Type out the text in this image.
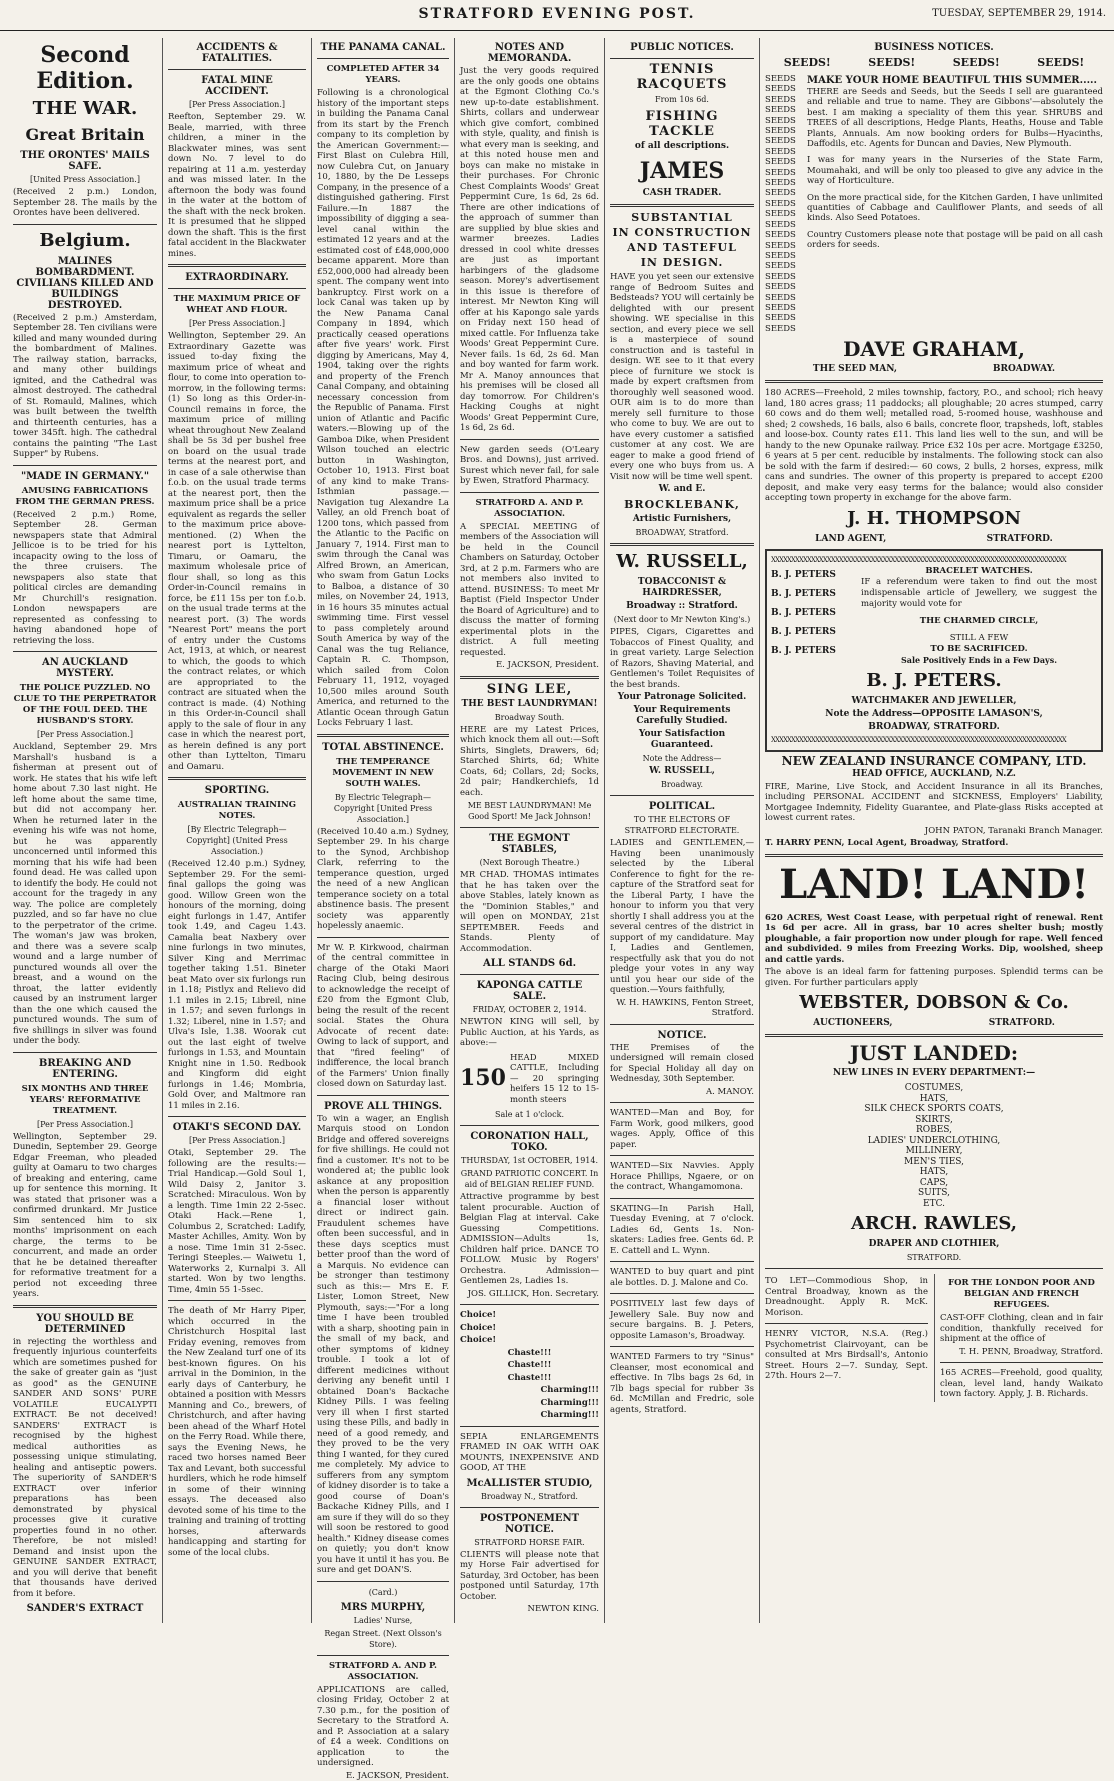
STRATFORD EVENING POST.	TUESDAY, SEPTEMBER 29, 1914.
Second Edition.
THE WAR.
Great Britain
THE ORONTES' MAILS SAFE.
[United Press Association.]
(Received 2 p.m.) London, September 28. The mails by the Orontes have been delivered.
Belgium.
MALINES BOMBARDMENT. CIVILIANS KILLED AND BUILDINGS DESTROYED.
(Received 2 p.m.) Amsterdam, September 28. Ten civilians were killed and many wounded during the bombardment of Malines. The railway station, barracks, and many other buildings ignited, and the Cathedral was almost destroyed. The cathedral of St. Romauld, Malines, which was built between the twelfth and thirteenth centuries, has a tower 345ft. high. The cathedral contains the painting "The Last Supper" by Rubens.
"MADE IN GERMANY."
AMUSING FABRICATIONS FROM THE GERMAN PRESS.
(Received 2 p.m.) Rome, September 28. German newspapers state that Admiral Jellicoe is to be tried for his incapacity owing to the loss of the three cruisers. The newspapers also state that political circles are demanding Mr Churchill's resignation. London newspapers are represented as confessing to having abandoned hope of retrieving the loss.
AN AUCKLAND MYSTERY.
THE POLICE PUZZLED. NO CLUE TO THE PERPETRATOR OF THE FOUL DEED. THE HUSBAND'S STORY.
[Per Press Association.]
Auckland, September 29. Mrs Marshall's husband is a fisherman at present out of work. He states that his wife left home about 7.30 last night. He left home about the same time, but did not accompany her. When he returned later in the evening his wife was not home, but he was apparently unconcerned until informed this morning that his wife had been found dead. He was called upon to identify the body. He could not account for the tragedy in any way. The police are completely puzzled, and so far have no clue to the perpetrator of the crime. The woman's jaw was broken, and there was a severe scalp wound and a large number of punctured wounds all over the breast, and a wound on the throat, the latter evidently caused by an instrument larger than the one which caused the punctured wounds. The sum of five shillings in silver was found under the body.
BREAKING AND ENTERING.
SIX MONTHS AND THREE YEARS' REFORMATIVE TREATMENT.
[Per Press Association.]
Wellington, September 29. Dunedin, September 29. George Edgar Freeman, who pleaded guilty at Oamaru to two charges of breaking and entering, came up for sentence this morning. It was stated that prisoner was a confirmed drunkard. Mr Justice Sim sentenced him to six months' imprisonment on each charge, the terms to be concurrent, and made an order that he be detained thereafter for reformative treatment for a period not exceeding three years.
YOU SHOULD BE DETERMINED
in rejecting the worthless and frequently injurious counterfeits which are sometimes pushed for the sake of greater gain as "just as good" as the GENUINE SANDER AND SONS' PURE VOLATILE EUCALYPTI EXTRACT. Be not deceived! SANDERS' EXTRACT is recognised by the highest medical authorities as possessing unique stimulating, healing and antiseptic powers. The superiority of SANDER'S EXTRACT over inferior preparations has been demonstrated by physical processes give it curative properties found in no other. Therefore, be not misled! Demand and insist upon the GENUINE SANDER EXTRACT, and you will derive that benefit that thousands have derived from it before.
SANDER'S EXTRACT
ACCIDENTS & FATALITIES.
FATAL MINE ACCIDENT.
[Per Press Association.]
Reefton, September 29. W. Beale, married, with three children, a miner in the Blackwater mines, was sent down No. 7 level to do repairing at 11 a.m. yesterday and was missed later. In the afternoon the body was found in the water at the bottom of the shaft with the neck broken. It is presumed that he slipped down the shaft. This is the first fatal accident in the Blackwater mines.
EXTRAORDINARY.
THE MAXIMUM PRICE OF WHEAT AND FLOUR.
[Per Press Association.]
Wellington, September 29. An Extraordinary Gazette was issued to-day fixing the maximum price of wheat and flour, to come into operation to-morrow, in the following terms: (1) So long as this Order-in-Council remains in force, the maximum price of milling wheat throughout New Zealand shall be 5s 3d per bushel free on board on the usual trade terms at the nearest port, and in case of a sale otherwise than f.o.b. on the usual trade terms at the nearest port, then the maximum price shall be a price equivalent as regards the seller to the maximum price above-mentioned. (2) When the nearest port is Lyttelton, Timaru, or Oamaru, the maximum wholesale price of flour shall, so long as this Order-in-Council remains in force, be £11 15s per ton f.o.b. on the usual trade terms at the nearest port. (3) The words "Nearest Port" means the port of entry under the Customs Act, 1913, at which, or nearest to which, the goods to which the contract relates, or which are appropriated to the contract are situated when the contract is made. (4) Nothing in this Order-in-Council shall apply to the sale of flour in any case in which the nearest port, as herein defined is any port other than Lyttelton, Timaru and Oamaru.
SPORTING.
AUSTRALIAN TRAINING NOTES.
[By Electric Telegraph—Copyright] (United Press Association.)
(Received 12.40 p.m.) Sydney, September 29. For the semi-final gallops the going was good. Willow Green won the honours of the morning, doing eight furlongs in 1.47, Antifer took 1.49, and Cageu 1.43. Camalia beat Naxbery over nine furlongs in two minutes, Silver King and Merrimac together taking 1.51. Bineter beat Mato over six furlongs run in 1.18; Pistlyx and Relievo did 1.1 miles in 2.15; Libreil, nine in 1.57; and seven furlongs in 1.32; Liberel, nine in 1.57; and Ulva's Isle, 1.38. Woorak cut out the last eight of twelve furlongs in 1.53, and Mountain Knight nine in 1.50. Redbook and Kingform did eight furlongs in 1.46; Mombria, Gold Over, and Maltmore ran 11 miles in 2.16.
OTAKI'S SECOND DAY.
[Per Press Association.]
Otaki, September 29. The following are the results:— Trial Handicap.—Gold Soul 1, Wild Daisy 2, Janitor 3. Scratched: Miraculous. Won by a length. Time 1min 22 2-5sec. Otaki Hack.—Rene 1, Columbus 2, Scratched: Ladify, Master Achilles, Amity. Won by a nose. Time 1min 31 2-5sec. Teringi Steeples.— Waiwetu 1, Waterworks 2, Kurnalpi 3. All started. Won by two lengths. Time, 4min 55 1-5sec.
The death of Mr Harry Piper, which occurred in the Christchurch Hospital last Friday evening, removes from the New Zealand turf one of its best-known figures. On his arrival in the Dominion, in the early days of Canterbury, he obtained a position with Messrs Manning and Co., brewers, of Christchurch, and after having been ahead of the Wharf Hotel on the Ferry Road. While there, says the Evening News, he raced two horses named Beer Tax and Levant, both successful hurdlers, which he rode himself in some of their winning essays. The deceased also devoted some of his time to the training and training of trotting horses, afterwards handicapping and starting for some of the local clubs.
THE PANAMA CANAL.
COMPLETED AFTER 34 YEARS.
Following is a chronological history of the important steps in building the Panama Canal from its start by the French company to its completion by the American Government:— First Blast on Culebra Hill, now Culebra Cut, on January 10, 1880, by the De Lesseps Company, in the presence of a distinguished gathering. First Failure.—In 1887 the impossibility of digging a sea-level canal within the estimated 12 years and at the estimated cost of £48,000,000 became apparent. More than £52,000,000 had already been spent. The company went into bankruptcy. First work on a lock Canal was taken up by the New Panama Canal Company in 1894, which practically ceased operations after five years' work. First digging by Americans, May 4, 1904, taking over the rights and property of the French Canal Company, and obtaining necessary concession from the Republic of Panama. First union of Atlantic and Pacific waters.—Blowing up of the Gamboa Dike, when President Wilson touched an electric button in Washington, October 10, 1913. First boat of any kind to make Trans-Isthmian passage.—Navigation tug Alexandre La Valley, an old French boat of 1200 tons, which passed from the Atlantic to the Pacific on January 7, 1914. First man to swim through the Canal was Alfred Brown, an American, who swam from Gatun Locks to Balboa, a distance of 30 miles, on November 24, 1913, in 16 hours 35 minutes actual swimming time. First vessel to pass completely around South America by way of the Canal was the tug Reliance, Captain R. C. Thompson, which sailed from Colon February 11, 1912, voyaged 10,500 miles around South America, and returned to the Atlantic Ocean through Gatun Locks February 1 last.
TOTAL ABSTINENCE.
THE TEMPERANCE MOVEMENT IN NEW SOUTH WALES.
By Electric Telegraph—Copyright [United Press Association.]
(Received 10.40 a.m.) Sydney, September 29. In his charge to the Synod, Archbishop Clark, referring to the temperance question, urged the need of a new Anglican temperance society on a total abstinence basis. The present society was apparently hopelessly anaemic.
Mr W. P. Kirkwood, chairman of the central committee in charge of the Otaki Maori Racing Club, being desirous to acknowledge the receipt of £20 from the Egmont Club, being the result of the recent social. States the Ohura Advocate of recent date: Owing to lack of support, and that "fired feeling" of indifference, the local branch of the Farmers' Union finally closed down on Saturday last.
PROVE ALL THINGS.
To win a wager, an English Marquis stood on London Bridge and offered sovereigns for five shillings. He could not find a customer. It's not to be wondered at; the public look askance at any proposition when the person is apparently a financial loser without direct or indirect gain. Fraudulent schemes have often been successful, and in these days sceptics must better proof than the word of a Marquis. No evidence can be stronger than testimony such as this:— Mrs E. F. Lister, Lomon Street, New Plymouth, says:—"For a long time I have been troubled with a sharp, shooting pain in the small of my back, and other symptoms of kidney trouble. I took a lot of different medicines without deriving any benefit until I obtained Doan's Backache Kidney Pills. I was feeling very ill when I first started using these Pills, and badly in need of a good remedy, and they proved to be the very thing I wanted, for they cured me completely. My advice to sufferers from any symptom of kidney disorder is to take a good course of Doan's Backache Kidney Pills, and I am sure if they will do so they will soon be restored to good health." Kidney disease comes on quietly; you don't know you have it until it has you. Be sure and get DOAN'S.
(Card.)
MRS MURPHY,
Ladies' Nurse,
Regan Street. (Next Olsson's Store).
STRATFORD A. AND P. ASSOCIATION.
APPLICATIONS are called, closing Friday, October 2 at 7.30 p.m., for the position of Secretary to the Stratford A. and P. Association at a salary of £4 a week. Conditions on application to the undersigned.
E. JACKSON, President.
NOTES AND MEMORANDA.
Just the very goods required are the only goods one obtains at the Egmont Clothing Co.'s new up-to-date establishment. Shirts, collars and underwear which give comfort, combined with style, quality, and finish is what every man is seeking, and at this noted house men and boys can make no mistake in their purchases. For Chronic Chest Complaints Woods' Great Peppermint Cure, 1s 6d, 2s 6d. There are other indications of the approach of summer than are supplied by blue skies and warmer breezes. Ladies dressed in cool white dresses are just as important harbingers of the gladsome season. Morey's advertisement in this issue is therefore of interest. Mr Newton King will offer at his Kapongo sale yards on Friday next 150 head of mixed cattle. For Influenza take Woods' Great Peppermint Cure. Never fails. 1s 6d, 2s 6d. Man and boy wanted for farm work. Mr A. Manoy announces that his premises will be closed all day tomorrow. For Children's Hacking Coughs at night Woods' Great Peppermint Cure, 1s 6d, 2s 6d.
New garden seeds (O'Leary Bros. and Downs), just arrived. Surest which never fail, for sale by Ewen, Stratford Pharmacy.
STRATFORD A. AND P. ASSOCIATION.
A SPECIAL MEETING of members of the Association will be held in the Council Chambers on Saturday, October 3rd, at 2 p.m. Farmers who are not members also invited to attend. BUSINESS: To meet Mr Baptist (Field Inspector Under the Board of Agriculture) and to discuss the matter of forming experimental plots in the district. A full meeting requested.
E. JACKSON, President.
SING LEE,
THE BEST LAUNDRYMAN!
Broadway South.
HERE are my Latest Prices, which knock them all out:—Soft Shirts, Singlets, Drawers, 6d; Starched Shirts, 6d; White Coats, 6d; Collars, 2d; Socks, 2d pair; Handkerchiefs, 1d each.
ME BEST LAUNDRYMAN! Me Good Sport! Me Jack Johnson!
THE EGMONT STABLES,
(Next Borough Theatre.)
MR CHAD. THOMAS intimates that he has taken over the above Stables, lately known as the "Dominion Stables," and will open on MONDAY, 21st SEPTEMBER. Feeds and Stands. Plenty of Accommodation.
ALL STANDS 6d.
KAPONGA CATTLE SALE.
FRIDAY, OCTOBER 2, 1914.
NEWTON KING will sell, by Public Auction, at his Yards, as above:—
150
HEAD MIXED CATTLE, Including— 20 springing heifers 15 12 to 15-month steers
Sale at 1 o'clock.
CORONATION HALL, TOKO.
THURSDAY, 1st OCTOBER, 1914.
GRAND PATRIOTIC CONCERT. In aid of BELGIAN RELIEF FUND.
Attractive programme by best talent procurable. Auction of Belgian Flag at interval. Cake Guessing Competitions. ADMISSION—Adults 1s, Children half price. DANCE TO FOLLOW. Music by Rogers' Orchestra. Admission—Gentlemen 2s, Ladies 1s.
JOS. GILLICK, Hon. Secretary.
Choice!
Choice!
Choice!
Chaste!!!
Chaste!!!
Chaste!!!
Charming!!!
Charming!!!
Charming!!!
SEPIA ENLARGEMENTS FRAMED IN OAK WITH OAK MOUNTS, INEXPENSIVE AND GOOD, AT THE
McALLISTER STUDIO,
Broadway N., Stratford.
POSTPONEMENT NOTICE.
STRATFORD HORSE FAIR.
CLIENTS will please note that my Horse Fair advertised for Saturday, 3rd October, has been postponed until Saturday, 17th October.
NEWTON KING.
PUBLIC NOTICES.
TENNIS
RACQUETS
From 10s 6d.
FISHING
TACKLE
of all descriptions.
JAMES
CASH TRADER.
SUBSTANTIAL
IN CONSTRUCTION
AND TASTEFUL
IN DESIGN.
HAVE you yet seen our extensive range of Bedroom Suites and Bedsteads? YOU will certainly be delighted with our present showing. WE specialise in this section, and every piece we sell is a masterpiece of sound construction and is tasteful in design. WE see to it that every piece of furniture we stock is made by expert craftsmen from thoroughly well seasoned wood. OUR aim is to do more than merely sell furniture to those who come to buy. We are out to have every customer a satisfied customer at any cost. We are eager to make a good friend of every one who buys from us. A Visit now will be time well spent.
W. and E.
BROCKLEBANK,
Artistic Furnishers,
BROADWAY, Stratford.
W. RUSSELL,
TOBACCONIST & HAIRDRESSER,
Broadway :: Stratford.
(Next door to Mr Newton King's.)
PIPES, Cigars, Cigarettes and Tobaccos of Finest Quality, and in great variety. Large Selection of Razors, Shaving Material, and Gentlemen's Toilet Requisites of the best brands.
Your Patronage Solicited.
Your Requirements Carefully Studied.
Your Satisfaction Guaranteed.
Note the Address—
W. RUSSELL,
Broadway.
POLITICAL.
TO THE ELECTORS OF STRATFORD ELECTORATE.
LADIES and GENTLEMEN,—Having been unanimously selected by the Liberal Conference to fight for the re-capture of the Stratford seat for the Liberal Party, I have the honour to inform you that very shortly I shall address you at the several centres of the district in support of my candidature. May I, Ladies and Gentlemen, respectfully ask that you do not pledge your votes in any way until you hear our side of the question.—Yours faithfully,
W. H. HAWKINS, Fenton Street, Stratford.
NOTICE.
THE Premises of the undersigned will remain closed for Special Holiday all day on Wednesday, 30th September.
A. MANOY.
WANTED—Man and Boy, for Farm Work, good milkers, good wages. Apply, Office of this paper.
WANTED—Six Navvies. Apply Horace Phillips, Ngaere, or on the contract, Whangamomona.
SKATING—In Parish Hall, Tuesday Evening, at 7 o'clock. Ladies 6d, Gents 1s. Non-skaters: Ladies free. Gents 6d. P. E. Cattell and L. Wynn.
WANTED to buy quart and pint ale bottles. D. J. Malone and Co.
POSITIVELY last few days of Jewellery Sale. Buy now and secure bargains. B. J. Peters, opposite Lamason's, Broadway.
WANTED Farmers to try "Sinus" Cleanser, most economical and effective. In 7lbs bags 2s 6d, in 7lb bags special for rubber 3s 6d. McMillan and Fredric, sole agents, Stratford.
BUSINESS NOTICES.
SEEDS!	SEEDS!	SEEDS!	SEEDS!
SEEDS
SEEDS
SEEDS
SEEDS
SEEDS
SEEDS
SEEDS
SEEDS
SEEDS
SEEDS
SEEDS
SEEDS
SEEDS
SEEDS
SEEDS
SEEDS
SEEDS
SEEDS
SEEDS
SEEDS
SEEDS
SEEDS
SEEDS
SEEDS
SEEDS
MAKE YOUR HOME BEAUTIFUL THIS SUMMER.....
THERE are Seeds and Seeds, but the Seeds I sell are guaranteed and reliable and true to name. They are Gibbons'—absolutely the best. I am making a speciality of them this year. SHRUBS and TREES of all descriptions, Hedge Plants, Heaths, House and Table Plants, Annuals. Am now booking orders for Bulbs—Hyacinths, Daffodils, etc. Agents for Duncan and Davies, New Plymouth.
I was for many years in the Nurseries of the State Farm, Moumahaki, and will be only too pleased to give any advice in the way of Horticulture.
On the more practical side, for the Kitchen Garden, I have unlimited quantities of Cabbage and Cauliflower Plants, and seeds of all kinds. Also Seed Potatoes.
Country Customers please note that postage will be paid on all cash orders for seeds.
DAVE GRAHAM,
THE SEED MAN,	BROADWAY.
180 ACRES—Freehold, 2 miles township, factory, P.O., and school; rich heavy land, 180 acres grass; 11 paddocks; all ploughable; 20 acres stumped, carry 60 cows and do them well; metalled road, 5-roomed house, washhouse and shed; 2 cowsheds, 16 bails, also 6 bails, concrete floor, trapsheds, loft, stables and loose-box. County rates £11. This land lies well to the sun, and will be handy to the new Opunake railway. Price £32 10s per acre. Mortgage £3250, 6 years at 5 per cent. reducible by instalments. The following stock can also be sold with the farm if desired:— 60 cows, 2 bulls, 2 horses, express, milk cans and sundries. The owner of this property is prepared to accept £200 deposit, and make very easy terms for the balance; would also consider accepting town property in exchange for the above farm.
J. H. THOMPSON
LAND AGENT,	STRATFORD.
XXXXXXXXXXXXXXXXXXXXXXXXXXXXXXXXXXXXXXXXXXXXXXXXXXXXXXXXXXXXXXXXXXXXXXXXXX
B. J. PETERS
B. J. PETERS
B. J. PETERS
B. J. PETERS
B. J. PETERS
BRACELET WATCHES.
IF a referendum were taken to find out the most indispensable article of Jewellery, we suggest the majority would vote for
THE CHARMED CIRCLE,
STILL A FEW
TO BE SACRIFICED.
Sale Positively Ends in a Few Days.
B. J. PETERS.
WATCHMAKER AND JEWELLER,
Note the Address—OPPOSITE LAMASON'S,
BROADWAY, STRATFORD.
XXXXXXXXXXXXXXXXXXXXXXXXXXXXXXXXXXXXXXXXXXXXXXXXXXXXXXXXXXXXXXXXXXXXXXXXXX
NEW ZEALAND INSURANCE COMPANY, LTD.
HEAD OFFICE, AUCKLAND, N.Z.
FIRE, Marine, Live Stock, and Accident Insurance in all its Branches, including PERSONAL ACCIDENT and SICKNESS, Employers' Liability, Mortgagee Indemnity, Fidelity Guarantee, and Plate-glass Risks accepted at lowest current rates.
JOHN PATON, Taranaki Branch Manager.
T. HARRY PENN, Local Agent, Broadway, Stratford.
LAND! LAND!
620 ACRES, West Coast Lease, with perpetual right of renewal. Rent 1s 6d per acre. All in grass, bar 10 acres shelter bush; mostly ploughable, a fair proportion now under plough for rape. Well fenced and subdivided. 9 miles from Freezing Works. Dip, woolshed, sheep and cattle yards.
The above is an ideal farm for fattening purposes. Splendid terms can be given. For further particulars apply
WEBSTER, DOBSON & Co.
AUCTIONEERS,	STRATFORD.
JUST LANDED:
NEW LINES IN EVERY DEPARTMENT:—
COSTUMES,
HATS,
SILK CHECK SPORTS COATS,
SKIRTS,
ROBES,
LADIES' UNDERCLOTHING,
MILLINERY,
MEN'S TIES,
HATS,
CAPS,
SUITS,
ETC.
ARCH. RAWLES,
DRAPER AND CLOTHIER,
STRATFORD.
TO LET—Commodious Shop, in Central Broadway, known as the Dreadnought. Apply R. McK. Morison.
HENRY VICTOR, N.S.A. (Reg.) Psychometrist Clairvoyant, can be consulted at Mrs Birdsall's, Antonio Street. Hours 2—7. Sunday, Sept. 27th. Hours 2—7.
FOR THE LONDON POOR AND BELGIAN AND FRENCH REFUGEES.
CAST-OFF Clothing, clean and in fair condition, thankfully received for shipment at the office of
T. H. PENN, Broadway, Stratford.
165 ACRES—Freehold, good quality, clean, level land, handy Waikato town factory. Apply, J. B. Richards.
